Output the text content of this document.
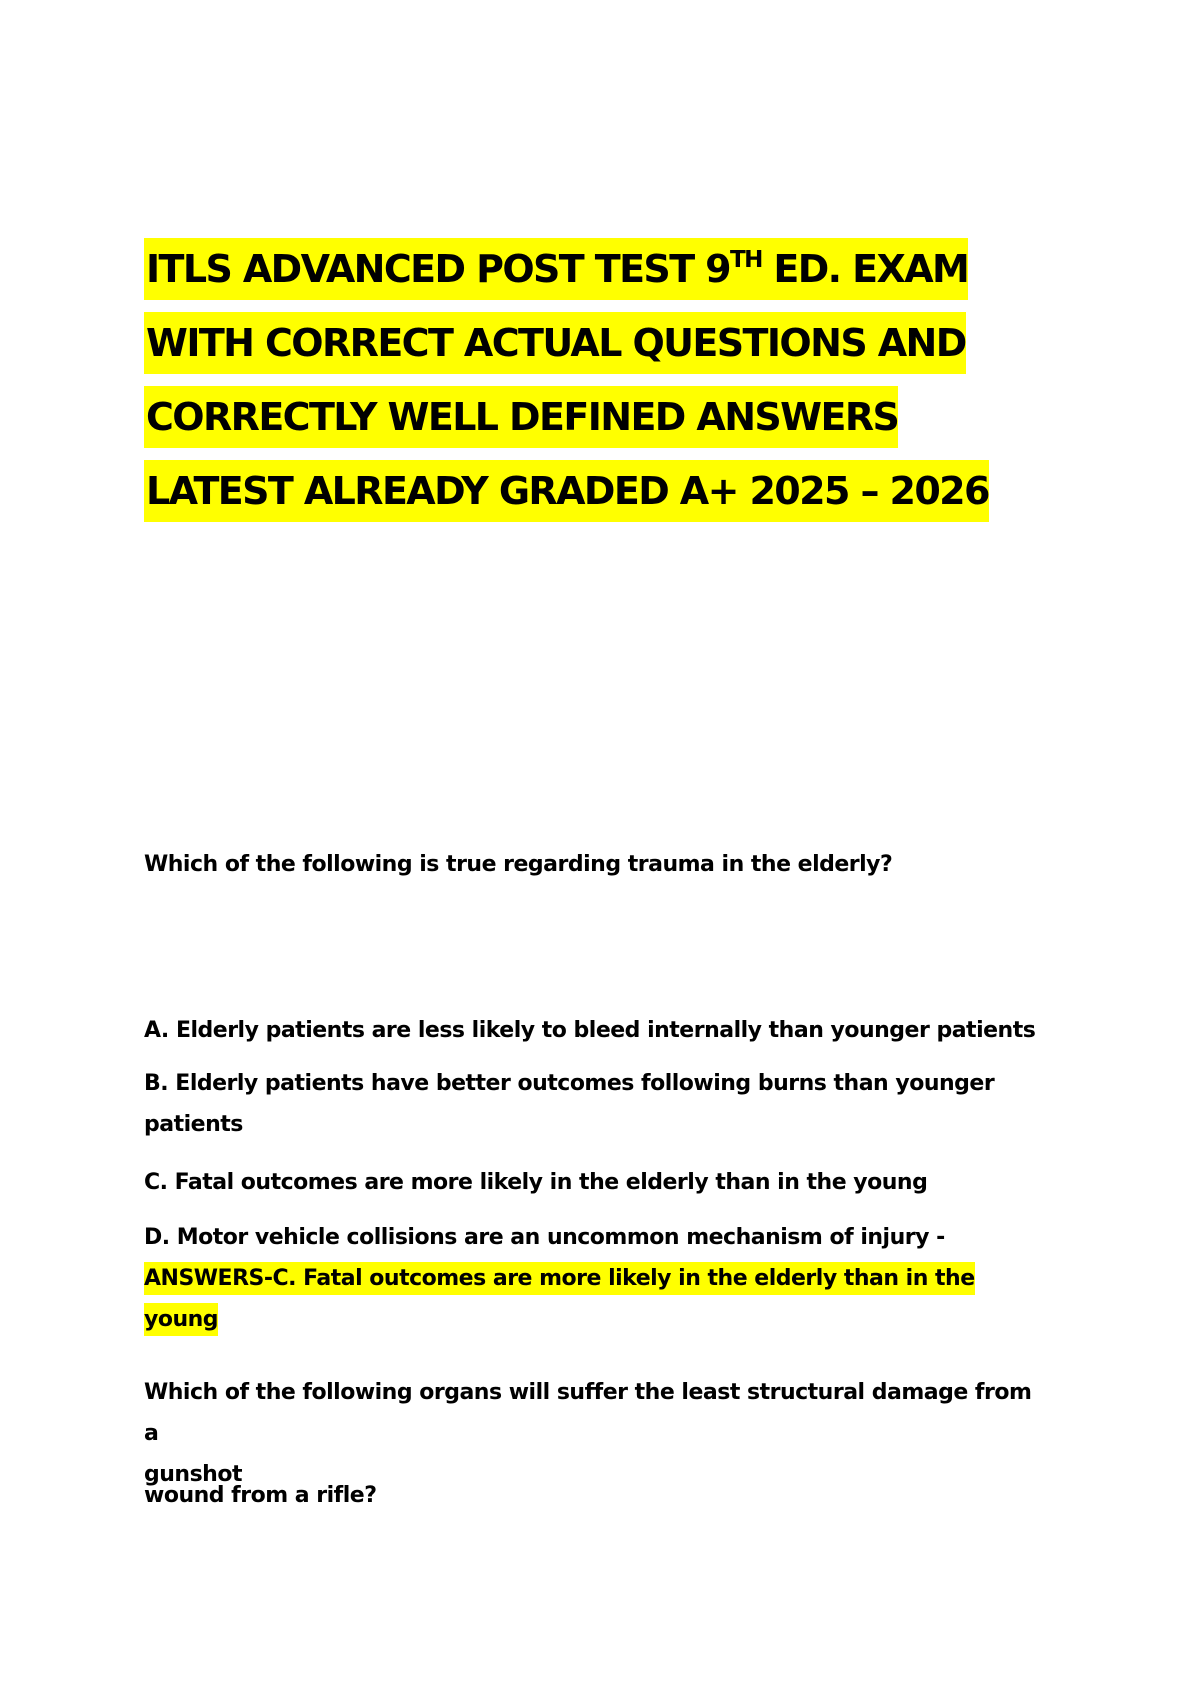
ITLS ADVANCED POST TEST 9TH ED. EXAM
WITH CORRECT ACTUAL QUESTIONS AND
CORRECTLY WELL DEFINED ANSWERS
LATEST ALREADY GRADED A+ 2025 – 2026

Which of the following is true regarding trauma in the elderly?

A. Elderly patients are less likely to bleed internally than younger patients

B. Elderly patients have better outcomes following burns than younger
patients

C. Fatal outcomes are more likely in the elderly than in the young

D. Motor vehicle collisions are an uncommon mechanism of injury -
ANSWERS-C. Fatal outcomes are more likely in the elderly than in the young
Which of the following organs will suffer the least structural damage from a
gunshot

wound from a rifle?
